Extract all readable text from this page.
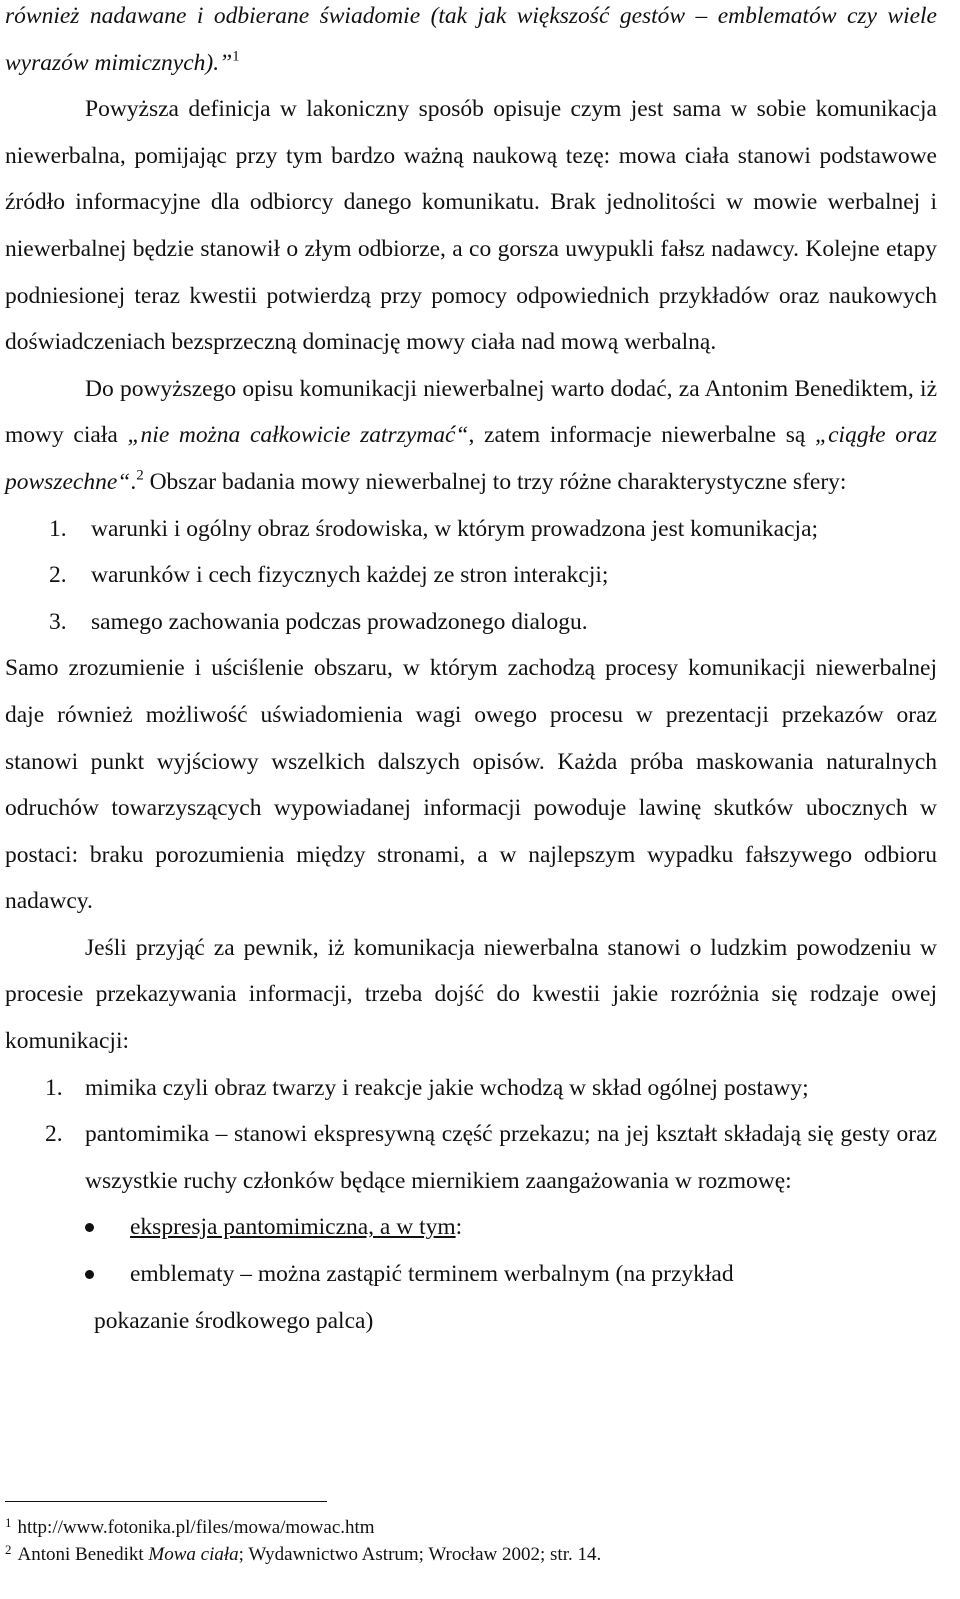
również nadawane i odbierane świadomie (tak jak większość gestów – emblematów czy wiele wyrazów mimicznych).”$^1$

Powyższa definicja w lakoniczny sposób opisuje czym jest sama w sobie komunikacja niewerbalna, pomijając przy tym bardzo ważną naukową tezę: mowa ciała stanowi podstawowe źródło informacyjne dla odbiorcy danego komunikatu. Brak jednolitości w mowie werbalnej i niewerbalnej będzie stanowił o złym odbiorze, a co gorsza uwypukli fałsz nadawcy. Kolejne etapy podniesionej teraz kwestii potwierdzą przy pomocy odpowiednich przykładów oraz naukowych doświadczeniach bezsprzeczną dominację mowy ciała nad mową werbalną.

Do powyższego opisu komunikacji niewerbalnej warto dodać, za Antonim Benediktem, iż mowy ciała „nie można całkowicie zatrzymać“, zatem informacje niewerbalne są „ciągłe oraz powszechne“.$^2$ Obszar badania mowy niewerbalnej to trzy różne charakterystyczne sfery:

1. warunki i ogólny obraz środowiska, w którym prowadzona jest komunikacja;
2. warunków i cech fizycznych każdej ze stron interakcji;
3. samego zachowania podczas prowadzonego dialogu.

Samo zrozumienie i uściślenie obszaru, w którym zachodzą procesy komunikacji niewerbalnej daje również możliwość uświadomienia wagi owego procesu w prezentacji przekazów oraz stanowi punkt wyjściowy wszelkich dalszych opisów. Każda próba maskowania naturalnych odruchów towarzyszących wypowiadanej informacji powoduje lawinę skutków ubocznych w postaci: braku porozumienia między stronami, a w najlepszym wypadku fałszywego odbioru nadawcy.

Jeśli przyjąć za pewnik, iż komunikacja niewerbalna stanowi o ludzkim powodzeniu w procesie przekazywania informacji, trzeba dojść do kwestii jakie rozróżnia się rodzaje owej komunikacji:

1. mimika czyli obraz twarzy i reakcje jakie wchodzą w skład ogólnej postawy;
2. pantomimika – stanowi ekspresywną część przekazu; na jej kształt składają się gesty oraz wszystkie ruchy członków będące miernikiem zaangażowania w rozmowę:
ekspresja pantomimiczna, a w tym:
emblematy – można zastąpić terminem werbalnym (na przykład
pokazanie środkowego palca)
$^1$ http://www.fotonika.pl/files/mowa/mowac.htm
$^2$ Antoni Benedikt Mowa ciała; Wydawnictwo Astrum; Wrocław 2002; str. 14.
